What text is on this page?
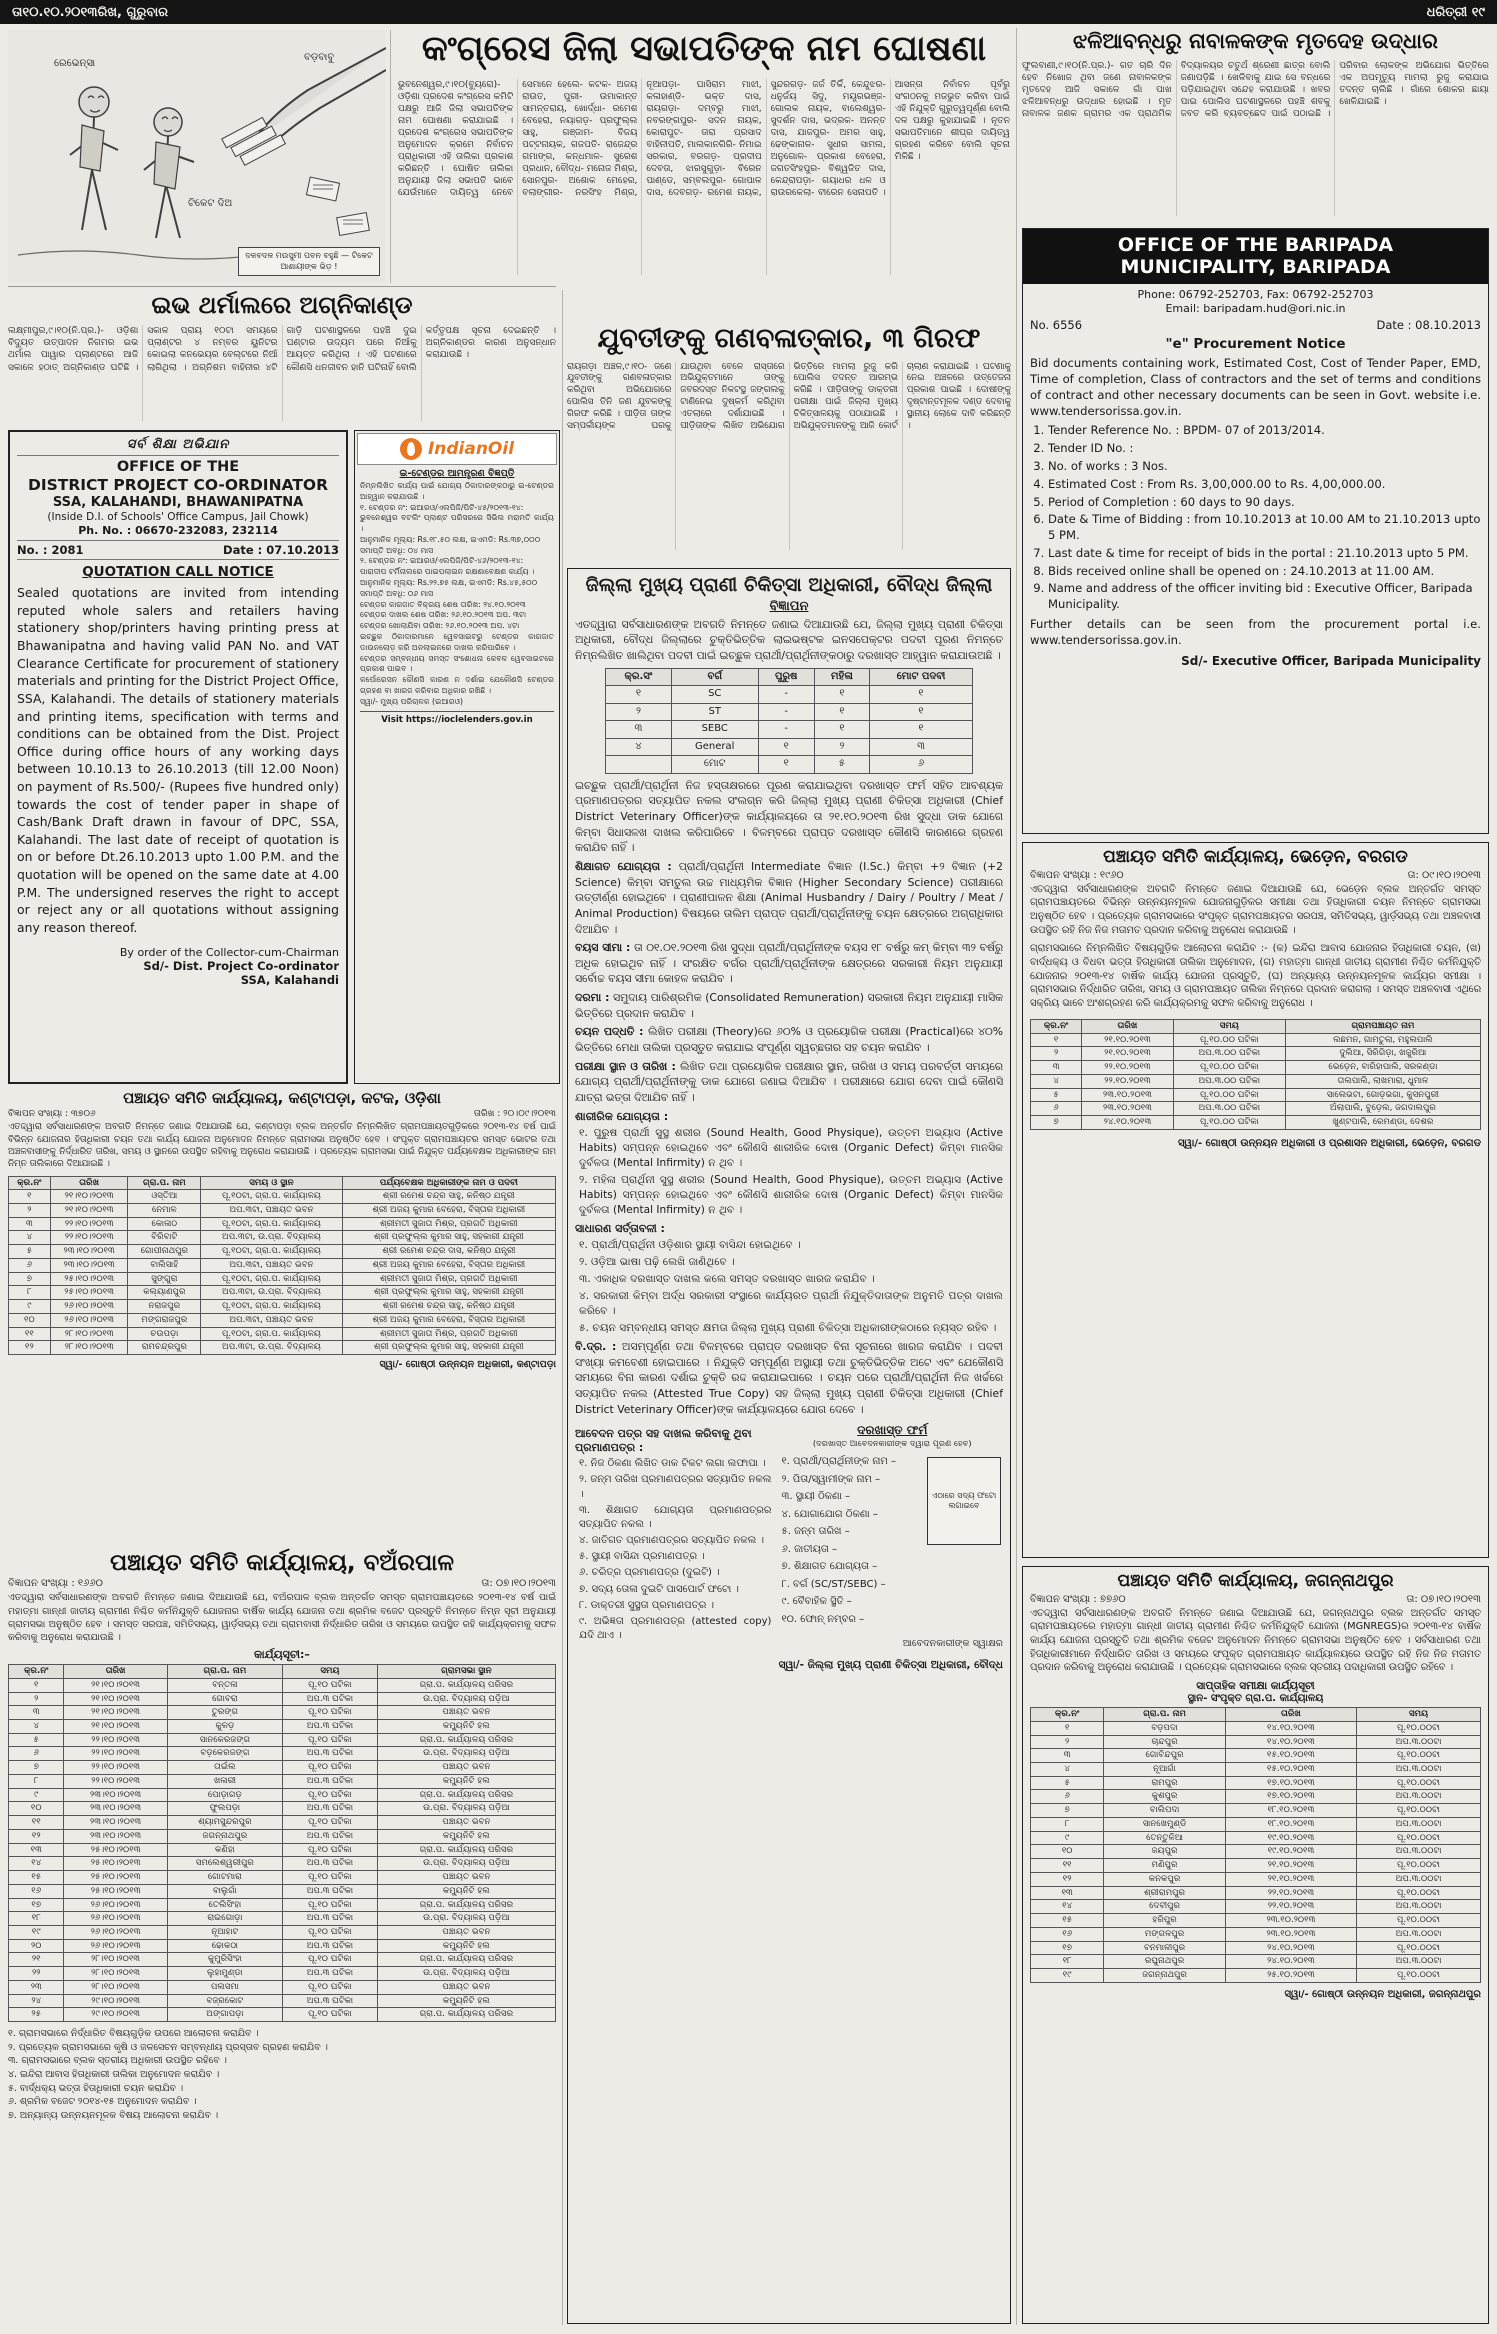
ତା୧୦.୧୦.୨୦୧୩ରିଖ, ଗୁରୁବାର	ଧରିତ୍ରୀ ୧୯
ରେଭେନ୍ସା
ବଡ଼ବାବୁ
ଟିକେଟ ଦିଅ
ଦଳବଦଳ ମଉସୁମୀ ପବନ ବହୁଛି — ଟିକେଟ ଆଶାୟୀଙ୍କ ଭିଡ଼ !
କଂଗ୍ରେସ ଜିଲା ସଭାପତିଙ୍କ ନାମ ଘୋଷଣା
ଭୁବନେଶ୍ୱର,୯।୧୦(ବ୍ୟୁରୋ)- ଓଡ଼ିଶା ପ୍ରଦେଶ କଂଗ୍ରେସ କମିଟି ପକ୍ଷରୁ ଆଜି ଜିଲା ସଭାପତିଙ୍କ ନାମ ଘୋଷଣା କରାଯାଇଛି । ପ୍ରଦେଶ କଂଗ୍ରେସ ସଭାପତିଙ୍କ ଅନୁମୋଦନ କ୍ରମେ ନିର୍ବାଚନ ପ୍ରାଧିକାରୀ ଏହି ତାଲିକା ପ୍ରକାଶ କରିଛନ୍ତି । ଘୋଷିତ ତାଲିକା ଅନୁଯାୟୀ ଜିଲା ସଭାପତି ଭାବେ ଯେଉଁମାନେ ଦାୟିତ୍ୱ ନେବେ ସେମାନେ ହେଲେ- କଟକ- ଅଜୟ ରାଉତ, ପୁରୀ- ଉମାକାନ୍ତ ସାମନ୍ତରାୟ, ଖୋର୍ଦ୍ଧା- ରମେଶ ବେହେରା, ନୟାଗଡ଼- ପ୍ରଫୁଲ୍ଲ ସାହୁ, ଗଞ୍ଜାମ- ବିଜୟ ପଟ୍ଟନାୟକ, ଗଜପତି- ରାଜେନ୍ଦ୍ର ଗମାଙ୍ଗ, କନ୍ଧମାଳ- ସୁରେଶ ପ୍ରଧାନ, ବୌଦ୍ଧ- ମନୋଜ ମିଶ୍ର, ସୋନପୁର- ଅଶୋକ ମେହେର, ବଲାଙ୍ଗୀର- ନରସିଂହ ମିଶ୍ର, ନୂଆପଡ଼ା- ଘାସିରାମ ମାଝୀ, କଳାହାଣ୍ଡି- ଭକ୍ତ ଦାସ, ରାୟଗଡ଼ା- ଦମ୍ବରୁ ମାଝୀ, ନବରଙ୍ଗପୁର- ସଦନ ନାୟକ, କୋରାପୁଟ- ତାରା ପ୍ରସାଦ ବାହିନୀପତି, ମାଲକାନଗିରି- ନିମାଇ ସରକାର, ବରଗଡ଼- ପ୍ରଦୀପ ଦେବତା, ଝାରସୁଗୁଡ଼ା- ବିରେନ ପାଣ୍ଡେ, ସମ୍ବଲପୁର- ଗୋପାଳ ଦାସ, ଦେବଗଡ଼- ରମେଶ ନାୟକ, ସୁନ୍ଦରଗଡ଼- ଜର୍ଜ ତିର୍କି, କେନ୍ଦୁଝର- ଧନୁର୍ଜୟ ସିଦୁ, ମୟୂରଭଞ୍ଜ- ଗୋଲକ ନାୟକ, ବାଲେଶ୍ୱର- ସୁଦର୍ଶନ ଦାସ, ଭଦ୍ରକ- ଅନନ୍ତ ଦାସ, ଯାଜପୁର- ଅମର ସାହୁ, ଢେଙ୍କାନାଳ- ସୁଧୀର ସାମଲ, ଅନୁଗୋଳ- ପ୍ରକାଶ ବେହେରା, ଜଗତସିଂହପୁର- ବିଶ୍ୱଜିତ ଦାସ, କେନ୍ଦ୍ରାପଡ଼ା- ଗୟାଧର ଧଳ ଓ ରାଉରକେଲା- ବୀରେନ ସେନାପତି । ଆସନ୍ତା ନିର୍ବାଚନ ପୂର୍ବରୁ ସଂଗଠନକୁ ମଜଭୁତ କରିବା ପାଇଁ ଏହି ନିଯୁକ୍ତି ଗୁରୁତ୍ୱପୂର୍ଣ୍ଣ ବୋଲି ଦଳ ପକ୍ଷରୁ କୁହାଯାଇଛି । ନୂତନ ସଭାପତିମାନେ ଶୀଘ୍ର ଦାୟିତ୍ୱ ଗ୍ରହଣ କରିବେ ବୋଲି ସୂଚନା ମିଳିଛି ।
ଝଳିଆବନ୍ଧରୁ ନାବାଳକଙ୍କ ମୃତଦେହ ଉଦ୍ଧାର
ଫୁଲବାଣୀ,୯।୧୦(ନି.ପ୍ର.)- ଗତ ଚାରି ଦିନ ହେବ ନିଖୋଜ ଥିବା ଜଣେ ନାବାଳକଙ୍କ ମୃତଦେହ ଆଜି ସକାଳେ ଗାଁ ପାଖ ଝଳିଆବନ୍ଧରୁ ଉଦ୍ଧାର ହୋଇଛି । ମୃତ ନାବାଳକ ଜଣକ ଗ୍ରାମର ଏକ ପ୍ରାଥମିକ ବିଦ୍ୟାଳୟର ଚତୁର୍ଥ ଶ୍ରେଣୀ ଛାତ୍ର ବୋଲି ଜଣାପଡ଼ିଛି । ଖେଳିବାକୁ ଯାଇ ସେ ବନ୍ଧରେ ପଡ଼ିଯାଇଥିବା ସନ୍ଦେହ କରାଯାଉଛି । ଖବର ପାଇ ପୋଲିସ ଘଟଣାସ୍ଥଳରେ ପହଞ୍ଚି ଶବକୁ ଜବତ କରି ବ୍ୟବଚ୍ଛେଦ ପାଇଁ ପଠାଇଛି । ପରିବାର ଲୋକଙ୍କ ଅଭିଯୋଗ ଭିତ୍ତିରେ ଏକ ଅପମୃତ୍ୟୁ ମାମଲା ରୁଜୁ କରାଯାଇ ତଦନ୍ତ ଚାଲିଛି । ଗାଁରେ ଶୋକର ଛାୟା ଖେଳିଯାଇଛି ।
OFFICE OF THE BARIPADA
MUNICIPALITY, BARIPADA
Phone: 06792-252703, Fax: 06792-252703
Email: baripadam.hud@ori.nic.in
No. 6556	Date : 08.10.2013
"e" Procurement Notice
Bid documents containing work, Estimated Cost, Cost of Tender Paper, EMD, Time of completion, Class of contractors and the set of terms and conditions of contract and other necessary documents can be seen in Govt. website i.e. www.tendersorissa.gov.in.
1. Tender Reference No. : BPDM- 07 of 2013/2014.
2. Tender ID No. :
3. No. of works : 3 Nos.
4. Estimated Cost : From Rs. 3,00,000.00 to Rs. 4,00,000.00.
5. Period of Completion : 60 days to 90 days.
6. Date & Time of Bidding : from 10.10.2013 at 10.00 AM to 21.10.2013 upto 5 PM.
7. Last date & time for receipt of bids in the portal : 21.10.2013 upto 5 PM.
8. Bids received online shall be opened on : 24.10.2013 at 11.00 AM.
9. Name and address of the officer inviting bid : Executive Officer, Baripada Municipality.
Further details can be seen from the procurement portal i.e. www.tendersorissa.gov.in.
Sd/- Executive Officer, Baripada Municipality
ପଞ୍ଚାୟତ ସମିତି କାର୍ଯ୍ୟାଳୟ, ଭେଡ଼େନ, ବରଗଡ
ବିଜ୍ଞାପନ ସଂଖ୍ୟା : ୧୯୬୦	ତା: ୦୯।୧୦।୨୦୧୩
ଏତଦ୍ଦ୍ୱାରା ସର୍ବସାଧାରଣଙ୍କ ଅବଗତି ନିମନ୍ତେ ଜଣାଇ ଦିଆଯାଉଛି ଯେ, ଭେଡ଼େନ ବ୍ଲକ ଅନ୍ତର୍ଗତ ସମସ୍ତ ଗ୍ରାମପଞ୍ଚାୟତରେ ବିଭିନ୍ନ ଉନ୍ନୟନମୂଳକ ଯୋଜନାଗୁଡ଼ିକର ସମୀକ୍ଷା ତଥା ହିତାଧିକାରୀ ଚୟନ ନିମନ୍ତେ ଗ୍ରାମସଭା ଅନୁଷ୍ଠିତ ହେବ । ପ୍ରତ୍ୟେକ ଗ୍ରାମସଭାରେ ସଂପୃକ୍ତ ଗ୍ରାମପଞ୍ଚାୟତର ସରପଞ୍ଚ, ସମିତିସଭ୍ୟ, ୱାର୍ଡ଼ସଭ୍ୟ ତଥା ଅଞ୍ଚଳବାସୀ ଉପସ୍ଥିତ ରହି ନିଜ ନିଜ ମତାମତ ପ୍ରଦାନ କରିବାକୁ ଅନୁରୋଧ କରାଯାଉଛି ।
ଗ୍ରାମସଭାରେ ନିମ୍ନଲିଖିତ ବିଷୟଗୁଡ଼ିକ ଆଲୋଚନା କରାଯିବ :- (କ) ଇନ୍ଦିରା ଆବାସ ଯୋଜନାର ହିତାଧିକାରୀ ଚୟନ, (ଖ) ବାର୍ଦ୍ଧକ୍ୟ ଓ ବିଧବା ଭତ୍ତା ହିତାଧିକାରୀ ତାଲିକା ଅନୁମୋଦନ, (ଗ) ମହାତ୍ମା ଗାନ୍ଧୀ ଜାତୀୟ ଗ୍ରାମୀଣ ନିଶ୍ଚିତ କର୍ମନିଯୁକ୍ତି ଯୋଜନାର ୨୦୧୩-୧୪ ବାର୍ଷିକ କାର୍ଯ୍ୟ ଯୋଜନା ପ୍ରସ୍ତୁତି, (ଘ) ଅନ୍ୟାନ୍ୟ ଉନ୍ନୟନମୂଳକ କାର୍ଯ୍ୟର ସମୀକ୍ଷା । ଗ୍ରାମସଭାର ନିର୍ଦ୍ଧାରିତ ତାରିଖ, ସମୟ ଓ ଗ୍ରାମପଞ୍ଚାୟତ ତାଲିକା ନିମ୍ନରେ ପ୍ରଦାନ କରାଗଲା । ସମସ୍ତ ଅଞ୍ଚଳବାସୀ ଏଥିରେ ସକ୍ରିୟ ଭାବେ ଅଂଶଗ୍ରହଣ କରି କାର୍ଯ୍ୟକ୍ରମକୁ ସଫଳ କରିବାକୁ ଅନୁରୋଧ ।
କ୍ର.ନଂ	ତାରିଖ	ସମୟ	ଗ୍ରାମପଞ୍ଚାୟତ ନାମ
୧	୨୧.୧୦.୨୦୧୩	ପୂ.୧୦.୦୦ ଘଟିକା	ଲଛମନ, ଗାମତୁଲା, ମହୁଲପାଲି
୨	୨୧.୧୦.୨୦୧୩	ଅପ.୩.୦୦ ଘଟିକା	ଦୁଲିଆ, ସିରିଗିଡ଼ା, ଖଜୁରିଆ
୩	୨୨.୧୦.୨୦୧୩	ପୂ.୧୦.୦୦ ଘଟିକା	ଭେଡ଼େନ, ବାରିହାପାଲି, ସରକଣ୍ଡା
୪	୨୨.୧୦.୨୦୧୩	ଅପ.୩.୦୦ ଘଟିକା	ତାଲପାଲି, ଲାଖମାରା, ଧୁମାଳ
୫	୨୩.୧୦.୨୦୧୩	ପୂ.୧୦.୦୦ ଘଟିକା	ସାଲେଭଟା, ଗୋଡ଼ଭଗା, କୁସନପୁରୀ
୬	୨୩.୧୦.୨୦୧୩	ଅପ.୩.୦୦ ଘଟିକା	ଅଁଲାପାଲି, ବୁଡ଼େଲ, ଜଗଦାଲପୁର
୭	୨୪.୧୦.୨୦୧୩	ପୂ.୧୦.୦୦ ଘଟିକା	ଖୁଣ୍ଟପାଲି, ରେମଣ୍ଡା, ଦେଶର
ସ୍ୱା/- ଗୋଷ୍ଠୀ ଉନ୍ନୟନ ଅଧିକାରୀ ଓ ପ୍ରଶାସନ ଅଧିକାରୀ, ଭେଡ଼େନ, ବରଗଡ
ପଞ୍ଚାୟତ ସମିତି କାର୍ଯ୍ୟାଳୟ, ଜଗନ୍ନାଥପୁର
ବିଜ୍ଞାପନ ସଂଖ୍ୟା : ୭୭୬୦	ତା: ୦୭।୧୦।୨୦୧୩
ଏତଦ୍ଦ୍ୱାରା ସର୍ବସାଧାରଣଙ୍କ ଅବଗତି ନିମନ୍ତେ ଜଣାଇ ଦିଆଯାଉଛି ଯେ, ଜଗନ୍ନାଥପୁର ବ୍ଲକ ଅନ୍ତର୍ଗତ ସମସ୍ତ ଗ୍ରାମପଞ୍ଚାୟତରେ ମହାତ୍ମା ଗାନ୍ଧୀ ଜାତୀୟ ଗ୍ରାମୀଣ ନିଶ୍ଚିତ କର୍ମନିଯୁକ୍ତି ଯୋଜନା (MGNREGS)ର ୨୦୧୩-୧୪ ବାର୍ଷିକ କାର୍ଯ୍ୟ ଯୋଜନା ପ୍ରସ୍ତୁତି ତଥା ଶ୍ରମିକ ବଜେଟ ଅନୁମୋଦନ ନିମନ୍ତେ ଗ୍ରାମସଭା ଅନୁଷ୍ଠିତ ହେବ । ସର୍ବସାଧାରଣ ତଥା ହିତାଧିକାରୀମାନେ ନିର୍ଦ୍ଧାରିତ ତାରିଖ ଓ ସମୟରେ ସଂପୃକ୍ତ ଗ୍ରାମପଞ୍ଚାୟତ କାର୍ଯ୍ୟାଳୟରେ ଉପସ୍ଥିତ ରହି ନିଜ ନିଜ ମତାମତ ପ୍ରଦାନ କରିବାକୁ ଅନୁରୋଧ କରାଯାଉଛି । ପ୍ରତ୍ୟେକ ଗ୍ରାମସଭାରେ ବ୍ଲକ ସ୍ତରୀୟ ପଦାଧିକାରୀ ଉପସ୍ଥିତ ରହିବେ ।
ସାପ୍ତାହିକ ସମୀକ୍ଷା କାର୍ଯ୍ୟସୂଚୀ
ସ୍ଥାନ- ସଂପୃକ୍ତ ଗ୍ରା.ପ. କାର୍ଯ୍ୟାଳୟ
କ୍ର.ନଂ	ଗ୍ରା.ପ. ନାମ	ତାରିଖ	ସମୟ
୧	ବଡ଼ପଦା	୧୪.୧୦.୨୦୧୩	ପୂ.୧୦.୦୦ଟା
୨	ଚାନ୍ଦପୁର	୧୪.୧୦.୨୦୧୩	ଅପ.୩.୦୦ଟା
୩	ଗୋବିନ୍ଦପୁର	୧୫.୧୦.୨୦୧୩	ପୂ.୧୦.୦୦ଟା
୪	ନୂଆଗାଁ	୧୫.୧୦.୨୦୧୩	ଅପ.୩.୦୦ଟା
୫	ରାମପୁର	୧୭.୧୦.୨୦୧୩	ପୂ.୧୦.୦୦ଟା
୬	କୁଶପୁର	୧୭.୧୦.୨୦୧୩	ଅପ.୩.୦୦ଟା
୭	ବାଲିପଦା	୧୮.୧୦.୨୦୧୩	ପୂ.୧୦.୦୦ଟା
୮	ସାନଖେମୁଣ୍ଡି	୧୮.୧୦.୨୦୧୩	ଅପ.୩.୦୦ଟା
୯	ତେନ୍ତୁଳିଆ	୧୯.୧୦.୨୦୧୩	ପୂ.୧୦.୦୦ଟା
୧୦	ଜୟପୁର	୧୯.୧୦.୨୦୧୩	ଅପ.୩.୦୦ଟା
୧୧	ମଣିପୁର	୨୧.୧୦.୨୦୧୩	ପୂ.୧୦.୦୦ଟା
୧୨	କନକପୁର	୨୧.୧୦.୨୦୧୩	ଅପ.୩.୦୦ଟା
୧୩	ଶ୍ରୀରାମପୁର	୨୨.୧୦.୨୦୧୩	ପୂ.୧୦.୦୦ଟା
୧୪	ଦେବୀପୁର	୨୨.୧୦.୨୦୧୩	ଅପ.୩.୦୦ଟା
୧୫	ହରିପୁର	୨୩.୧୦.୨୦୧୩	ପୂ.୧୦.୦୦ଟା
୧୬	ମଙ୍ଗଳପୁର	୨୩.୧୦.୨୦୧୩	ଅପ.୩.୦୦ଟା
୧୭	ବନମାଳୀପୁର	୨୪.୧୦.୨୦୧୩	ପୂ.୧୦.୦୦ଟା
୧୮	ରଘୁନାଥପୁର	୨୪.୧୦.୨୦୧୩	ଅପ.୩.୦୦ଟା
୧୯	ଜଗନ୍ନାଥପୁର	୨୫.୧୦.୨୦୧୩	ପୂ.୧୦.୦୦ଟା
ସ୍ୱା/- ଗୋଷ୍ଠୀ ଉନ୍ନୟନ ଅଧିକାରୀ, ଜଗନ୍ନାଥପୁର
ଇଭ ଥର୍ମାଲରେ ଅଗ୍ନିକାଣ୍ଡ
ଲକ୍ଷ୍ମୀପୁର,୯।୧୦(ନି.ପ୍ର.)- ଓଡ଼ିଶା ବିଦ୍ୟୁତ ଉତ୍ପାଦନ ନିଗମର ଇଭ ଥର୍ମାଲ ପାୱାର ପ୍ଲାଣ୍ଟରେ ଆଜି ସକାଳେ ହଠାତ୍ ଅଗ୍ନିକାଣ୍ଡ ଘଟିଛି । ସକାଳ ପ୍ରାୟ ୧୦ଟା ସମୟରେ ପ୍ଲାଣ୍ଟର ୪ ନମ୍ବର ୟୁନିଟର କୋଇଲା କନଭେୟର ବେଲ୍ଟରେ ନିଆଁ ଲାଗିଥିଲା । ଅଗ୍ନିଶମ ବାହିନୀର ୪ଟି ଗାଡ଼ି ଘଟଣାସ୍ଥଳରେ ପହଞ୍ଚି ଦୁଇ ଘଣ୍ଟାର ଉଦ୍ୟମ ପରେ ନିଆଁକୁ ଆୟତ୍ତ କରିଥିଲା । ଏହି ଘଟଣାରେ କୌଣସି ଧନଜୀବନ ହାନି ଘଟିନାହିଁ ବୋଲି କର୍ତ୍ତୃପକ୍ଷ ସୂଚନା ଦେଇଛନ୍ତି । ଅଗ୍ନିକାଣ୍ଡର କାରଣ ଅନୁସନ୍ଧାନ କରାଯାଉଛି ।
ସର୍ବ ଶିକ୍ଷା ଅଭିଯାନ
OFFICE OF THE
DISTRICT PROJECT CO-ORDINATOR
SSA, KALAHANDI, BHAWANIPATNA
(Inside D.I. of Schools' Office Campus, Jail Chowk)
Ph. No. : 06670-232083, 232114
No. : 2081	Date : 07.10.2013
QUOTATION CALL NOTICE
Sealed quotations are invited from intending reputed whole salers and retailers having stationery shop/printers having printing press at Bhawanipatna and having valid PAN No. and VAT Clearance Certificate for procurement of stationery materials and printing for the District Project Office, SSA, Kalahandi. The details of stationery materials and printing items, specification with terms and conditions can be obtained from the Dist. Project Office during office hours of any working days between 10.10.13 to 26.10.2013 (till 12.00 Noon) on payment of Rs.500/- (Rupees five hundred only) towards the cost of tender paper in shape of Cash/Bank Draft drawn in favour of DPC, SSA, Kalahandi. The last date of receipt of quotation is on or before Dt.26.10.2013 upto 1.00 P.M. and the quotation will be opened on the same date at 4.00 P.M. The undersigned reserves the right to accept or reject any or all quotations without assigning any reason thereof.
By order of the Collector-cum-Chairman
Sd/- Dist. Project Co-ordinator
SSA, Kalahandi
IndianOil
ଇ-ଟେଣ୍ଡର ଆମନ୍ତ୍ରଣ ବିଜ୍ଞପ୍ତି
ନିମ୍ନଲିଖିତ କାର୍ଯ୍ୟ ପାଇଁ ଯୋଗ୍ୟ ଠିକାଦାରଙ୍କଠାରୁ ଇ-ଟେଣ୍ଡର ଆହ୍ୱାନ କରାଯାଉଛି ।
୧. ଟେଣ୍ଡର ନଂ: ଇଆରଓ/ଏଲପିଜି/ପିଟି-୪୫/୨୦୧୩-୧୪:
ଭୁବନେଶ୍ୱର ବଟଲିଂ ପ୍ଲାଣ୍ଟ ପରିସରରେ ସିଭିଲ ମରାମତି କାର୍ଯ୍ୟ ।
ଆନୁମାନିକ ମୂଲ୍ୟ: Rs.୧୮.୫୦ ଲକ୍ଷ, ଇଏମଡି: Rs.୩୭,୦୦୦
ସମାପ୍ତି ଅବଧି: ୦୪ ମାସ
୨. ଟେଣ୍ଡର ନଂ: ଇଆରଓ/ଏଲପିଜି/ପିଟି-୪୬/୨୦୧୩-୧୪:
ପାରାଦୀପ ଟର୍ମିନାଲରେ ପାଇପଲାଇନ ରକ୍ଷଣାବେକ୍ଷଣ କାର୍ଯ୍ୟ ।
ଆନୁମାନିକ ମୂଲ୍ୟ: Rs.୨୨.୭୫ ଲକ୍ଷ, ଇଏମଡି: Rs.୪୫,୫୦୦
ସମାପ୍ତି ଅବଧି: ୦୬ ମାସ
ଟେଣ୍ଡର କାଗଜାତ ବିକ୍ରୟ ଶେଷ ତାରିଖ: ୨୪.୧୦.୨୦୧୩
ଟେଣ୍ଡର ଦାଖଲ ଶେଷ ତାରିଖ: ୨୬.୧୦.୨୦୧୩ ଅପ. ୩ଟା
ଟେଣ୍ଡର ଖୋଲାଯିବା ତାରିଖ: ୨୬.୧୦.୨୦୧୩ ଅପ. ୪ଟା
ଇଚ୍ଛୁକ ଠିକାଦାରମାନେ ୱେବସାଇଟରୁ ଟେଣ୍ଡର କାଗଜାତ ଡାଉନଲୋଡ଼ କରି ଅନଲାଇନରେ ଦାଖଲ କରିପାରିବେ ।
ଟେଣ୍ଡର ସମ୍ବନ୍ଧୀୟ ସମସ୍ତ ସଂଶୋଧନା କେବଳ ୱେବସାଇଟରେ ପ୍ରକାଶ ପାଇବ ।
କର୍ପୋରେସନ କୌଣସି କାରଣ ନ ଦର୍ଶାଇ ଯେକୌଣସି ଟେଣ୍ଡର ଗ୍ରହଣ ବା ଖାରଜ କରିବାର ଅଧିକାର ରଖିଛି ।
ସ୍ୱା/- ମୁଖ୍ୟ ପରିଚାଳକ (ଇଆରଓ)
Visit https://ioclelenders.gov.in
ଯୁବତୀଙ୍କୁ ଗଣବଳାତ୍କାର, ୩ ଗିରଫ
ରାୟଗଡ଼ା ଅଞ୍ଚଳ,୯।୧୦- ଜଣେ ଯୁବତୀଙ୍କୁ ଗଣବଳାତ୍କାର କରିଥିବା ଅଭିଯୋଗରେ ପୋଲିସ ତିନି ଜଣ ଯୁବକଙ୍କୁ ଗିରଫ କରିଛି । ପୀଡ଼ିତା ତାଙ୍କ ସମ୍ପର୍କୀୟଙ୍କ ଘରକୁ ଯାଉଥିବା ବେଳେ ରାସ୍ତାରେ ଅଭିଯୁକ୍ତମାନେ ତାଙ୍କୁ ଜବରଦସ୍ତ ନିକଟସ୍ଥ ଜଙ୍ଗଲକୁ ଟାଣିନେଇ ଦୁଷ୍କର୍ମ କରିଥିବା ଏତଲାରେ ଦର୍ଶାଯାଇଛି । ପୀଡ଼ିତାଙ୍କ ଲିଖିତ ଅଭିଯୋଗ ଭିତ୍ତିରେ ମାମଲା ରୁଜୁ କରି ପୋଲିସ ତଦନ୍ତ ଆରମ୍ଭ କରିଛି । ପୀଡ଼ିତାଙ୍କୁ ଡାକ୍ତରୀ ପରୀକ୍ଷା ପାଇଁ ଜିଲ୍ଲା ମୁଖ୍ୟ ଚିକିତ୍ସାଳୟକୁ ପଠାଯାଇଛି । ଅଭିଯୁକ୍ତମାନଙ୍କୁ ଆଜି କୋର୍ଟ ଚାଲାଣ କରାଯାଇଛି । ଘଟଣାକୁ ନେଇ ଅଞ୍ଚଳରେ ଉତ୍ତେଜନା ପ୍ରକାଶ ପାଇଛି । ଦୋଷୀଙ୍କୁ ଦୃଷ୍ଟାନ୍ତମୂଳକ ଦଣ୍ଡ ଦେବାକୁ ସ୍ଥାନୀୟ ଲୋକେ ଦାବି କରିଛନ୍ତି ।
ଜିଲ୍ଲା ମୁଖ୍ୟ ପ୍ରାଣୀ ଚିକିତ୍ସା ଅଧିକାରୀ, ବୌଦ୍ଧ ଜିଲ୍ଲା
ବିଜ୍ଞାପନ
ଏତଦ୍ଦ୍ୱାରା ସର୍ବସାଧାରଣଙ୍କ ଅବଗତି ନିମନ୍ତେ ଜଣାଇ ଦିଆଯାଉଛି ଯେ, ଜିଲ୍ଲା ମୁଖ୍ୟ ପ୍ରାଣୀ ଚିକିତ୍ସା ଅଧିକାରୀ, ବୌଦ୍ଧ ଜିଲ୍ଲାରେ ଚୁକ୍ତିଭିତ୍ତିକ ଲାଇଭଷ୍ଟକ ଇନସପେକ୍ଟର ପଦବୀ ପୂରଣ ନିମନ୍ତେ ନିମ୍ନଲିଖିତ ଖାଲିଥିବା ପଦବୀ ପାଇଁ ଇଚ୍ଛୁକ ପ୍ରାର୍ଥୀ/ପ୍ରାର୍ଥିନୀଙ୍କଠାରୁ ଦରଖାସ୍ତ ଆହ୍ୱାନ କରାଯାଉଅଛି ।
କ୍ର.ସଂ	ବର୍ଗ	ପୁରୁଷ	ମହିଳା	ମୋଟ ପଦବୀ
୧	SC	-	୧	୧
୨	ST	-	୧	୧
୩	SEBC	-	୧	୧
୪	General	୧	୨	୩
	ମୋଟ	୧	୫	୬

ଇଚ୍ଛୁକ ପ୍ରାର୍ଥୀ/ପ୍ରାର୍ଥିନୀ ନିଜ ହସ୍ତାକ୍ଷରରେ ପୂରଣ କରାଯାଇଥିବା ଦରଖାସ୍ତ ଫର୍ମ ସହିତ ଆବଶ୍ୟକ ପ୍ରମାଣପତ୍ରର ସତ୍ୟାପିତ ନକ​ଲ ସଂଲଗ୍ନ କରି ଜିଲ୍ଲା ମୁଖ୍ୟ ପ୍ରାଣୀ ଚିକିତ୍ସା ଅଧିକାରୀ (Chief District Veterinary Officer)ଙ୍କ କାର୍ଯ୍ୟାଳୟରେ ତା ୨୧.୧୦.୨୦୧୩ ରିଖ ସୁଦ୍ଧା ଡାକ ଯୋଗେ କିମ୍ବା ସିଧାସଳଖ ଦାଖଲ କରିପାରିବେ । ବିଳମ୍ବରେ ପ୍ରାପ୍ତ ଦରଖାସ୍ତ କୌଣସି କାରଣରେ ଗ୍ରହଣ କରାଯିବ ନାହିଁ ।

ଶିକ୍ଷାଗତ ଯୋଗ୍ୟତା : ପ୍ରାର୍ଥୀ/ପ୍ରାର୍ଥିନୀ Intermediate ବିଜ୍ଞାନ (I.Sc.) କିମ୍ବା +୨ ବିଜ୍ଞାନ (+2 Science) କିମ୍ବା ସମତୁଲ ଉଚ୍ଚ ମାଧ୍ୟମିକ ବିଜ୍ଞାନ (Higher Secondary Science) ପରୀକ୍ଷାରେ ଉତ୍ତୀର୍ଣ୍ଣ ହୋଇଥିବେ । ପ୍ରାଣୀପାଳନ ଶିକ୍ଷା (Animal Husbandry / Dairy / Poultry / Meat / Animal Production) ବିଷୟରେ ତାଲିମ ପ୍ରାପ୍ତ ପ୍ରାର୍ଥୀ/ପ୍ରାର୍ଥିନୀଙ୍କୁ ଚୟନ କ୍ଷେତ୍ରରେ ଅଗ୍ରାଧିକାର ଦିଆଯିବ ।

ବୟସ ସୀମା : ତା ୦୧.୦୧.୨୦୧୩ ରିଖ ସୁଦ୍ଧା ପ୍ରାର୍ଥୀ/ପ୍ରାର୍ଥିନୀଙ୍କ ବୟସ ୧୮ ବର୍ଷରୁ କମ୍ କିମ୍ବା ୩୨ ବର୍ଷରୁ ଅଧିକ ହୋଇଥିବ ନାହିଁ । ସଂରକ୍ଷିତ ବର୍ଗର ପ୍ରାର୍ଥୀ/ପ୍ରାର୍ଥିନୀଙ୍କ କ୍ଷେତ୍ରରେ ସରକାରୀ ନିୟମ ଅନୁଯାୟୀ ସର୍ବୋଚ୍ଚ ବୟସ ସୀମା କୋହଳ କରାଯିବ ।

ଦରମା : ସମୁଦାୟ ପାରିଶ୍ରମିକ (Consolidated Remuneration) ସରକାରୀ ନିୟମ ଅନୁଯାୟୀ ମାସିକ ଭିତ୍ତିରେ ପ୍ରଦାନ କରାଯିବ ।

ଚୟନ ପଦ୍ଧତି : ଲିଖିତ ପରୀକ୍ଷା (Theory)ରେ ୬୦% ଓ ପ୍ରୟୋଗିକ ପରୀକ୍ଷା (Practical)ରେ ୪୦% ଭିତ୍ତିରେ ମେଧା ତାଲିକା ପ୍ରସ୍ତୁତ କରାଯାଇ ସଂପୂର୍ଣ୍ଣ ସ୍ୱଚ୍ଛତାର ସହ ଚୟନ କରାଯିବ ।

ପରୀକ୍ଷା ସ୍ଥାନ ଓ ତାରିଖ : ଲିଖିତ ତଥା ପ୍ରୟୋଗିକ ପରୀକ୍ଷାର ସ୍ଥାନ, ତାରିଖ ଓ ସମୟ ପରବର୍ତ୍ତୀ ସମୟରେ ଯୋଗ୍ୟ ପ୍ରାର୍ଥୀ/ପ୍ରାର୍ଥିନୀଙ୍କୁ ଡାକ ଯୋଗେ ଜଣାଇ ଦିଆଯିବ । ପରୀକ୍ଷାରେ ଯୋଗ ଦେବା ପାଇଁ କୌଣସି ଯାତ୍ରା ଭତ୍ତା ଦିଆଯିବ ନାହିଁ ।

ଶାରୀରିକ ଯୋଗ୍ୟତା :
୧. ପୁରୁଷ ପ୍ରାର୍ଥୀ ସୁସ୍ଥ ଶରୀର (Sound Health, Good Physique), ଉତ୍ତମ ଅଭ୍ୟାସ (Active Habits) ସମ୍ପନ୍ନ ହୋଇଥିବେ ଏବଂ କୌଣସି ଶାରୀରିକ ଦୋଷ (Organic Defect) କିମ୍ବା ମାନସିକ ଦୁର୍ବଳତା (Mental Infirmity) ନ ଥିବ ।
୨. ମହିଳା ପ୍ରାର୍ଥିନୀ ସୁସ୍ଥ ଶରୀର (Sound Health, Good Physique), ଉତ୍ତମ ଅଭ୍ୟାସ (Active Habits) ସମ୍ପନ୍ନ ହୋଇଥିବେ ଏବଂ କୌଣସି ଶାରୀରିକ ଦୋଷ (Organic Defect) କିମ୍ବା ମାନସିକ ଦୁର୍ବଳତା (Mental Infirmity) ନ ଥିବ ।
ସାଧାରଣ ସର୍ତ୍ତାବଳୀ :
୧. ପ୍ରାର୍ଥୀ/ପ୍ରାର୍ଥିନୀ ଓଡ଼ିଶାର ସ୍ଥାୟୀ ବାସିନ୍ଦା ହୋଇଥିବେ ।
୨. ଓଡ଼ିଆ ଭାଷା ପଢ଼ି ଲେଖି ଜାଣିଥିବେ ।
୩. ଏକାଧିକ ଦରଖାସ୍ତ ଦାଖଲ କଲେ ସମସ୍ତ ଦରଖାସ୍ତ ଖାରଜ କରାଯିବ ।
୪. ସରକାରୀ କିମ୍ବା ଅର୍ଦ୍ଧ ସରକାରୀ ସଂସ୍ଥାରେ କାର୍ଯ୍ୟରତ ପ୍ରାର୍ଥୀ ନିଯୁକ୍ତିଦାତାଙ୍କ ଅନୁମତି ପତ୍ର ଦାଖଲ କରିବେ ।
୫. ଚୟନ ସମ୍ବନ୍ଧୀୟ ସମସ୍ତ କ୍ଷମତା ଜିଲ୍ଲା ମୁଖ୍ୟ ପ୍ରାଣୀ ଚିକିତ୍ସା ଅଧିକାରୀଙ୍କଠାରେ ନ୍ୟସ୍ତ ରହିବ ।

ବି.ଦ୍ର. : ଅସମ୍ପୂର୍ଣ୍ଣ ତଥା ବିଳମ୍ବରେ ପ୍ରାପ୍ତ ଦରଖାସ୍ତ ବିନା ସୂଚନାରେ ଖାରଜ କରାଯିବ । ପଦବୀ ସଂଖ୍ୟା କମବେଶୀ ହୋଇପାରେ । ନିଯୁକ୍ତି ସମ୍ପୂର୍ଣ୍ଣ ଅସ୍ଥାୟୀ ତଥା ଚୁକ୍ତିଭିତ୍ତିକ ଅଟେ ଏବଂ ଯେକୌଣସି ସମୟରେ ବିନା କାରଣ ଦର୍ଶାଇ ଚୁକ୍ତି ରଦ୍ଦ କରାଯାଇପାରେ । ଚୟନ ପରେ ପ୍ରାର୍ଥୀ/ପ୍ରାର୍ଥିନୀ ନିଜ ଖର୍ଚ୍ଚରେ ସତ୍ୟାପିତ ନକଲ (Attested True Copy) ସହ ଜିଲ୍ଲା ମୁଖ୍ୟ ପ୍ରାଣୀ ଚିକିତ୍ସା ଅଧିକାରୀ (Chief District Veterinary Officer)ଙ୍କ କାର୍ଯ୍ୟାଳୟରେ ଯୋଗ ଦେବେ ।

ଆବେଦନ ପତ୍ର ସହ ଦାଖଲ କରିବାକୁ ଥିବା ପ୍ରମାଣପତ୍ର :
୧. ନିଜ ଠିକଣା ଲିଖିତ ଡାକ ଟିକଟ ଲଗା ଲଫାପା ।
୨. ଜନ୍ମ ତାରିଖ ପ୍ରମାଣପତ୍ରର ସତ୍ୟାପିତ ନକଲ ।
୩. ଶିକ୍ଷାଗତ ଯୋଗ୍ୟତା ପ୍ରମାଣପତ୍ରର ସତ୍ୟାପିତ ନକଲ ।
୪. ଜାତିଗତ ପ୍ରମାଣପତ୍ରର ସତ୍ୟାପିତ ନକଲ ।
୫. ସ୍ଥାୟୀ ବାସିନ୍ଦା ପ୍ରମାଣପତ୍ର ।
୬. ଚରିତ୍ର ପ୍ରମାଣପତ୍ର (ଦୁଇଟି) ।
୭. ସଦ୍ୟ ତୋଳା ଦୁଇଟି ପାସପୋର୍ଟ ଫଟୋ ।
୮. ଡାକ୍ତରୀ ସୁସ୍ଥତା ପ୍ରମାଣପତ୍ର ।
୯. ଅଭିଜ୍ଞତା ପ୍ରମାଣପତ୍ର (attested copy) ଯଦି ଥାଏ ।
ଦରଖାସ୍ତ ଫର୍ମ
(ଦରଖାସ୍ତ ଆବେଦନକାରୀଙ୍କ ଦ୍ୱାରା ପୂରଣ ହେବ)
ଏଠାରେ ସଦ୍ୟ ଫଟୋ ଲଗାଇବେ
୧. ପ୍ରାର୍ଥୀ/ପ୍ରାର୍ଥିନୀଙ୍କ ନାମ –
୨. ପିତା/ସ୍ୱାମୀଙ୍କ ନାମ –
୩. ସ୍ଥାୟୀ ଠିକଣା –
୪. ଯୋଗାଯୋଗ ଠିକଣା –
୫. ଜନ୍ମ ତାରିଖ –
୬. ଜାତୀୟତା –
୭. ଶିକ୍ଷାଗତ ଯୋଗ୍ୟତା –
୮. ବର୍ଗ (SC/ST/SEBC) –
୯. ବୈବାହିକ ସ୍ଥିତି –
୧୦. ଫୋନ୍ ନମ୍ବର –
ଆବେଦନକାରୀଙ୍କ ସ୍ୱାକ୍ଷର
ସ୍ୱା/- ଜିଲ୍ଲା ମୁଖ୍ୟ ପ୍ରାଣୀ ଚିକିତ୍ସା ଅଧିକାରୀ, ବୌଦ୍ଧ
ପଞ୍ଚାୟତ ସମିତି କାର୍ଯ୍ୟାଳୟ, କଣ୍ଟାପଡ଼ା, କଟକ, ଓଡ଼ିଶା
ବିଜ୍ଞାପନ ସଂଖ୍ୟା : ୩୭୦୬	ତାରିଖ : ୨୦।୦୯।୨୦୧୩
ଏତଦ୍ଦ୍ୱାରା ସର୍ବସାଧାରଣଙ୍କ ଅବଗତି ନିମନ୍ତେ ଜଣାଇ ଦିଆଯାଉଛି ଯେ, କଣ୍ଟାପଡ଼ା ବ୍ଲକ ଅନ୍ତର୍ଗତ ନିମ୍ନଲିଖିତ ଗ୍ରାମପଞ୍ଚାୟତଗୁଡ଼ିକରେ ୨୦୧୩-୧୪ ବର୍ଷ ପାଇଁ ବିଭିନ୍ନ ଯୋଜନାର ହିତାଧିକାରୀ ଚୟନ ତଥା କାର୍ଯ୍ୟ ଯୋଜନା ଅନୁମୋଦନ ନିମନ୍ତେ ଗ୍ରାମସଭା ଅନୁଷ୍ଠିତ ହେବ । ସଂପୃକ୍ତ ଗ୍ରାମପଞ୍ଚାୟତର ସମସ୍ତ ଭୋଟର ତଥା ଅଞ୍ଚଳବାସୀଙ୍କୁ ନିର୍ଦ୍ଧାରିତ ତାରିଖ, ସମୟ ଓ ସ୍ଥାନରେ ଉପସ୍ଥିତ ରହିବାକୁ ଅନୁରୋଧ କରାଯାଉଛି । ପ୍ରତ୍ୟେକ ଗ୍ରାମସଭା ପାଇଁ ନିଯୁକ୍ତ ପର୍ଯ୍ୟବେକ୍ଷକ ଅଧିକାରୀଙ୍କ ନାମ ନିମ୍ନ ତାଲିକାରେ ଦିଆଯାଇଛି ।
କ୍ର.ନଂ	ତାରିଖ	ଗ୍ରା.ପ. ନାମ	ସମୟ ଓ ସ୍ଥାନ	ପର୍ଯ୍ୟବେକ୍ଷକ ଅଧିକାରୀଙ୍କ ନାମ ଓ ପଦବୀ
୧	୨୧।୧୦।୨୦୧୩	ଓସ୍ତିଆ	ପୂ.୧୦ଟା, ଗ୍ରା.ପ. କାର୍ଯ୍ୟାଳୟ	ଶ୍ରୀ ରମେଶ ଚନ୍ଦ୍ର ସାହୁ, କନିଷ୍ଠ ଯନ୍ତ୍ରୀ
୨	୨୧।୧୦।୨୦୧୩	ନେମାଳ	ଅପ.୩ଟା, ପଞ୍ଚାୟତ ଭବନ	ଶ୍ରୀ ଅଜୟ କୁମାର ବେହେରା, ବିସ୍ତାର ଅଧିକାରୀ
୩	୨୨।୧୦।୨୦୧୩	କୋଳାଠ	ପୂ.୧୦ଟା, ଗ୍ରା.ପ. କାର୍ଯ୍ୟାଳୟ	ଶ୍ରୀମତୀ ସୁଜାତା ମିଶ୍ର, ପ୍ରଗତି ଅଧିକାରୀ
୪	୨୨।୧୦।୨୦୧୩	ବିରିବାଟି	ଅପ.୩ଟା, ଉ.ପ୍ରା. ବିଦ୍ୟାଳୟ	ଶ୍ରୀ ପ୍ରଫୁଲ୍ଲ କୁମାର ସାହୁ, ସହକାରୀ ଯନ୍ତ୍ରୀ
୫	୨୩।୧୦।୨୦୧୩	ଗୋପୀନାଥପୁର	ପୂ.୧୦ଟା, ଗ୍ରା.ପ. କାର୍ଯ୍ୟାଳୟ	ଶ୍ରୀ ରମେଶ ଚନ୍ଦ୍ର ଦାସ, କନିଷ୍ଠ ଯନ୍ତ୍ରୀ
୬	୨୩।୧୦।୨୦୧୩	ବାଲିସାହି	ଅପ.୩ଟା, ପଞ୍ଚାୟତ ଭବନ	ଶ୍ରୀ ଅଜୟ କୁମାର ବେହେରା, ବିସ୍ତାର ଅଧିକାରୀ
୭	୨୫।୧୦।୨୦୧୩	ସୁଙ୍ଗୁରା	ପୂ.୧୦ଟା, ଗ୍ରା.ପ. କାର୍ଯ୍ୟାଳୟ	ଶ୍ରୀମତୀ ସୁଜାତା ମିଶ୍ର, ପ୍ରଗତି ଅଧିକାରୀ
୮	୨୫।୧୦।୨୦୧୩	କଲ୍ୟାଣପୁର	ଅପ.୩ଟା, ଉ.ପ୍ରା. ବିଦ୍ୟାଳୟ	ଶ୍ରୀ ପ୍ରଫୁଲ୍ଲ କୁମାର ସାହୁ, ସହକାରୀ ଯନ୍ତ୍ରୀ
୯	୨୬।୧୦।୨୦୧୩	ନରାଜପୁର	ପୂ.୧୦ଟା, ଗ୍ରା.ପ. କାର୍ଯ୍ୟାଳୟ	ଶ୍ରୀ ରମେଶ ଚନ୍ଦ୍ର ସାହୁ, କନିଷ୍ଠ ଯନ୍ତ୍ରୀ
୧୦	୨୬।୧୦।୨୦୧୩	ମଙ୍ଗରାଜପୁର	ଅପ.୩ଟା, ପଞ୍ଚାୟତ ଭବନ	ଶ୍ରୀ ଅଜୟ କୁମାର ବେହେରା, ବିସ୍ତାର ଅଧିକାରୀ
୧୧	୨୮।୧୦।୨୦୧୩	ଚଉପଡ଼ା	ପୂ.୧୦ଟା, ଗ୍ରା.ପ. କାର୍ଯ୍ୟାଳୟ	ଶ୍ରୀମତୀ ସୁଜାତା ମିଶ୍ର, ପ୍ରଗତି ଅଧିକାରୀ
୧୨	୨୮।୧୦।୨୦୧୩	ରାମଚନ୍ଦ୍ରପୁର	ଅପ.୩ଟା, ଉ.ପ୍ରା. ବିଦ୍ୟାଳୟ	ଶ୍ରୀ ପ୍ରଫୁଲ୍ଲ କୁମାର ସାହୁ, ସହକାରୀ ଯନ୍ତ୍ରୀ
ସ୍ୱା/- ଗୋଷ୍ଠୀ ଉନ୍ନୟନ ଅଧିକାରୀ, କଣ୍ଟାପଡ଼ା
ପଞ୍ଚାୟତ ସମିତି କାର୍ଯ୍ୟାଳୟ, ବଅଁରପାଳ
ବିଜ୍ଞାପନ ସଂଖ୍ୟା : ୧୬୬୦	ତା: ୦୭।୧୦।୨୦୧୩
ଏତଦ୍ଦ୍ୱାରା ସର୍ବସାଧାରଣଙ୍କ ଅବଗତି ନିମନ୍ତେ ଜଣାଇ ଦିଆଯାଉଛି ଯେ, ବଅଁରପାଳ ବ୍ଲକ ଅନ୍ତର୍ଗତ ସମସ୍ତ ଗ୍ରାମପଞ୍ଚାୟତରେ ୨୦୧୩-୧୪ ବର୍ଷ ପାଇଁ ମହାତ୍ମା ଗାନ୍ଧୀ ଜାତୀୟ ଗ୍ରାମୀଣ ନିଶ୍ଚିତ କର୍ମନିଯୁକ୍ତି ଯୋଜନାର ବାର୍ଷିକ କାର୍ଯ୍ୟ ଯୋଜନା ତଥା ଶ୍ରମିକ ବଜେଟ ପ୍ରସ୍ତୁତି ନିମନ୍ତେ ନିମ୍ନ ସୂଚୀ ଅନୁଯାୟୀ ଗ୍ରାମସଭା ଅନୁଷ୍ଠିତ ହେବ । ସମସ୍ତ ସରପଞ୍ଚ, ସମିତିସଭ୍ୟ, ୱାର୍ଡ଼ସଭ୍ୟ ତଥା ଗ୍ରାମବାସୀ ନିର୍ଦ୍ଧାରିତ ତାରିଖ ଓ ସମୟରେ ଉପସ୍ଥିତ ରହି କାର୍ଯ୍ୟକ୍ରମକୁ ସଫଳ କରିବାକୁ ଅନୁରୋଧ କରାଯାଉଛି ।
କାର୍ଯ୍ୟସୂଚୀ:–
କ୍ର.ନଂ	ତାରିଖ	ଗ୍ରା.ପ. ନାମ	ସମୟ	ଗ୍ରାମସଭା ସ୍ଥାନ
୧	୨୧।୧୦।୨୦୧୩	ବନ୍ତଳା	ପୂ.୧୦ ଘଟିକା	ଗ୍ରା.ପ. କାର୍ଯ୍ୟାଳୟ ପରିସର
୨	୨୧।୧୦।୨୦୧୩	ଗୋବରା	ଅପ.୩ ଘଟିକା	ଉ.ପ୍ରା. ବିଦ୍ୟାଳୟ ପଡ଼ିଆ
୩	୨୧।୧୦।୨୦୧୩	ତୁରଙ୍ଗ	ପୂ.୧୦ ଘଟିକା	ପଞ୍ଚାୟତ ଭବନ
୪	୨୧।୧୦।୨୦୧୩	କୁଳଡ଼	ଅପ.୩ ଘଟିକା	କମ୍ୟୁନିଟି ହଲ
୫	୨୨।୧୦।୨୦୧୩	ସାନକେରଜଙ୍ଗ	ପୂ.୧୦ ଘଟିକା	ଗ୍ରା.ପ. କାର୍ଯ୍ୟାଳୟ ପରିସର
୬	୨୨।୧୦।୨୦୧୩	ବଡ଼କେରଜଙ୍ଗ	ଅପ.୩ ଘଟିକା	ଉ.ପ୍ରା. ବିଦ୍ୟାଳୟ ପଡ଼ିଆ
୭	୨୨।୧୦।୨୦୧୩	ତାଇଁଲ	ପୂ.୧୦ ଘଟିକା	ପଞ୍ଚାୟତ ଭବନ
୮	୨୨।୧୦।୨୦୧୩	ଖଳାରୀ	ଅପ.୩ ଘଟିକା	କମ୍ୟୁନିଟି ହଲ
୯	୨୩।୧୦।୨୦୧୩	ପୋଡ଼ାଗଡ଼	ପୂ.୧୦ ଘଟିକା	ଗ୍ରା.ପ. କାର୍ଯ୍ୟାଳୟ ପରିସର
୧୦	୨୩।୧୦।୨୦୧୩	ଫୁଲପଡ଼ା	ଅପ.୩ ଘଟିକା	ଉ.ପ୍ରା. ବିଦ୍ୟାଳୟ ପଡ଼ିଆ
୧୧	୨୩।୧୦।୨୦୧୩	ଶ୍ୟାମସୁନ୍ଦରପୁର	ପୂ.୧୦ ଘଟିକା	ପଞ୍ଚାୟତ ଭବନ
୧୨	୨୩।୧୦।୨୦୧୩	ଜଗନ୍ନାଥପୁର	ଅପ.୩ ଘଟିକା	କମ୍ୟୁନିଟି ହଲ
୧୩	୨୫।୧୦।୨୦୧୩	କଣିହା	ପୂ.୧୦ ଘଟିକା	ଗ୍ରା.ପ. କାର୍ଯ୍ୟାଳୟ ପରିସର
୧୪	୨୫।୧୦।୨୦୧୩	ସମଲେଶ୍ୱରୀପୁର	ଅପ.୩ ଘଟିକା	ଉ.ପ୍ରା. ବିଦ୍ୟାଳୟ ପଡ଼ିଆ
୧୫	୨୫।୧୦।୨୦୧୩	ଗୋଟମାରା	ପୂ.୧୦ ଘଟିକା	ପଞ୍ଚାୟତ ଭବନ
୧୬	୨୫।୧୦।୨୦୧୩	ବାଲୁଗାଁ	ଅପ.୩ ଘଟିକା	କମ୍ୟୁନିଟି ହଲ
୧୭	୨୬।୧୦।୨୦୧୩	ତେଲିସିଂହା	ପୂ.୧୦ ଘଟିକା	ଗ୍ରା.ପ. କାର୍ଯ୍ୟାଳୟ ପରିସର
୧୮	୨୬।୧୦।୨୦୧୩	ରାଇଗୋଡ଼ା	ଅପ.୩ ଘଟିକା	ଉ.ପ୍ରା. ବିଦ୍ୟାଳୟ ପଡ଼ିଆ
୧୯	୨୬।୧୦।୨୦୧୩	ନୂଆହାଟ	ପୂ.୧୦ ଘଟିକା	ପଞ୍ଚାୟତ ଭବନ
୨୦	୨୬।୧୦।୨୦୧୩	ଢୋକଠା	ଅପ.୩ ଘଟିକା	କମ୍ୟୁନିଟି ହଲ
୨୧	୨୮।୧୦।୨୦୧୩	କୁମୁରିସିଂହା	ପୂ.୧୦ ଘଟିକା	ଗ୍ରା.ପ. କାର୍ଯ୍ୟାଳୟ ପରିସର
୨୨	୨୮।୧୦।୨୦୧୩	ଲୁହାମୁଣ୍ଡା	ଅପ.୩ ଘଟିକା	ଉ.ପ୍ରା. ବିଦ୍ୟାଳୟ ପଡ଼ିଆ
୨୩	୨୮।୧୦।୨୦୧୩	ପଲସମା	ପୂ.୧୦ ଘଟିକା	ପଞ୍ଚାୟତ ଭବନ
୨୪	୨୯।୧୦।୨୦୧୩	ବଜ୍ରକୋଟ	ଅପ.୩ ଘଟିକା	କମ୍ୟୁନିଟି ହଲ
୨୫	୨୯।୧୦।୨୦୧୩	ଅଙ୍ଗାପଡ଼ା	ପୂ.୧୦ ଘଟିକା	ଗ୍ରା.ପ. କାର୍ଯ୍ୟାଳୟ ପରିସର
୧. ଗ୍ରାମସଭାରେ ନିର୍ଦ୍ଧାରିତ ବିଷୟଗୁଡ଼ିକ ଉପରେ ଆଲୋଚନା କରାଯିବ ।
୨. ପ୍ରତ୍ୟେକ ଗ୍ରାମସଭାରେ କୃଷି ଓ ଜଳସେଚନ ସମ୍ବନ୍ଧୀୟ ପ୍ରସ୍ତାବ ଗ୍ରହଣ କରାଯିବ ।
୩. ଗ୍ରାମସଭାରେ ବ୍ଲକ ସ୍ତରୀୟ ଅଧିକାରୀ ଉପସ୍ଥିତ ରହିବେ ।
୪. ଇନ୍ଦିରା ଆବାସ ହିତାଧିକାରୀ ତାଲିକା ଅନୁମୋଦନ କରାଯିବ ।
୫. ବାର୍ଦ୍ଧକ୍ୟ ଭତ୍ତା ହିତାଧିକାରୀ ଚୟନ କରାଯିବ ।
୬. ଶ୍ରମିକ ବଜେଟ ୨୦୧୪-୧୫ ଅନୁମୋଦନ କରାଯିବ ।
୭. ଅନ୍ୟାନ୍ୟ ଉନ୍ନୟନମୂଳକ ବିଷୟ ଆଲୋଚନା କରାଯିବ ।
